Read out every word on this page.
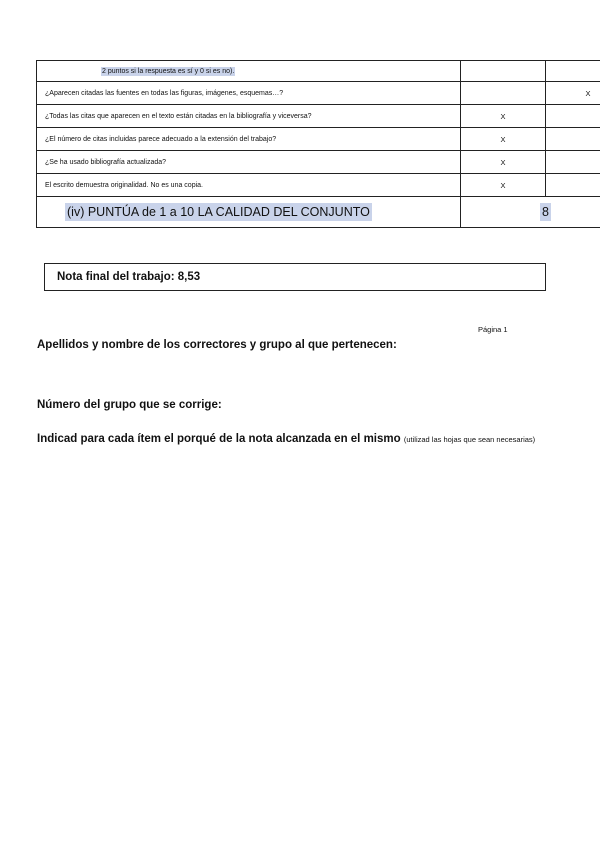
2 puntos si la respuesta es sí y 0 si es no).		
¿Aparecen citadas las fuentes en todas las figuras, imágenes, esquemas…?		X
¿Todas las citas que aparecen en el texto están citadas en la bibliografía y viceversa?	X	
¿El número de citas incluidas parece adecuado a la extensión del trabajo?	X	
¿Se ha usado bibliografía actualizada?	X	
El escrito demuestra originalidad. No es una copia.	X	
(iv) PUNTÚA de 1 a 10 LA CALIDAD DEL CONJUNTO	8	
Nota final del trabajo: 8,53
Página 1
Apellidos y nombre de los correctores y grupo al que pertenecen:
Número del grupo que se corrige:
Indicad para cada ítem el porqué de la nota alcanzada en el mismo (utilizad las hojas que sean necesarias)
